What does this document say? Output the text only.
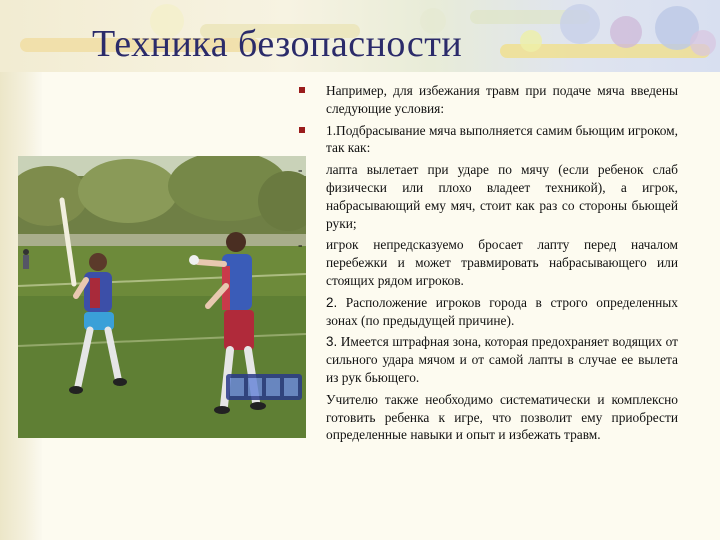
Техника безопасности
Например, для избежания травм при подаче мяча введены следующие условия:
1.Подбрасывание мяча выполняется самим бьющим игроком, так как:
- лапта вылетает при ударе по мячу (если ребенок слаб физически или плохо владеет техникой), а игрок, набрасывающий ему мяч, стоит как раз со стороны бьющей руки;
- игрок непредсказуемо бросает лапту перед началом перебежки и может травмировать набрасывающего или стоящих рядом игроков.
2. Расположение игроков города в строго определенных зонах (по предыдущей причине).
3. Имеется штрафная зона, которая предохраняет водящих от сильного удара мячом и от самой лапты в случае ее вылета из рук бьющего.
Учителю также необходимо систематически и комплексно готовить ребенка к игре, что позволит ему приобрести определенные навыки и опыт и избежать травм.
